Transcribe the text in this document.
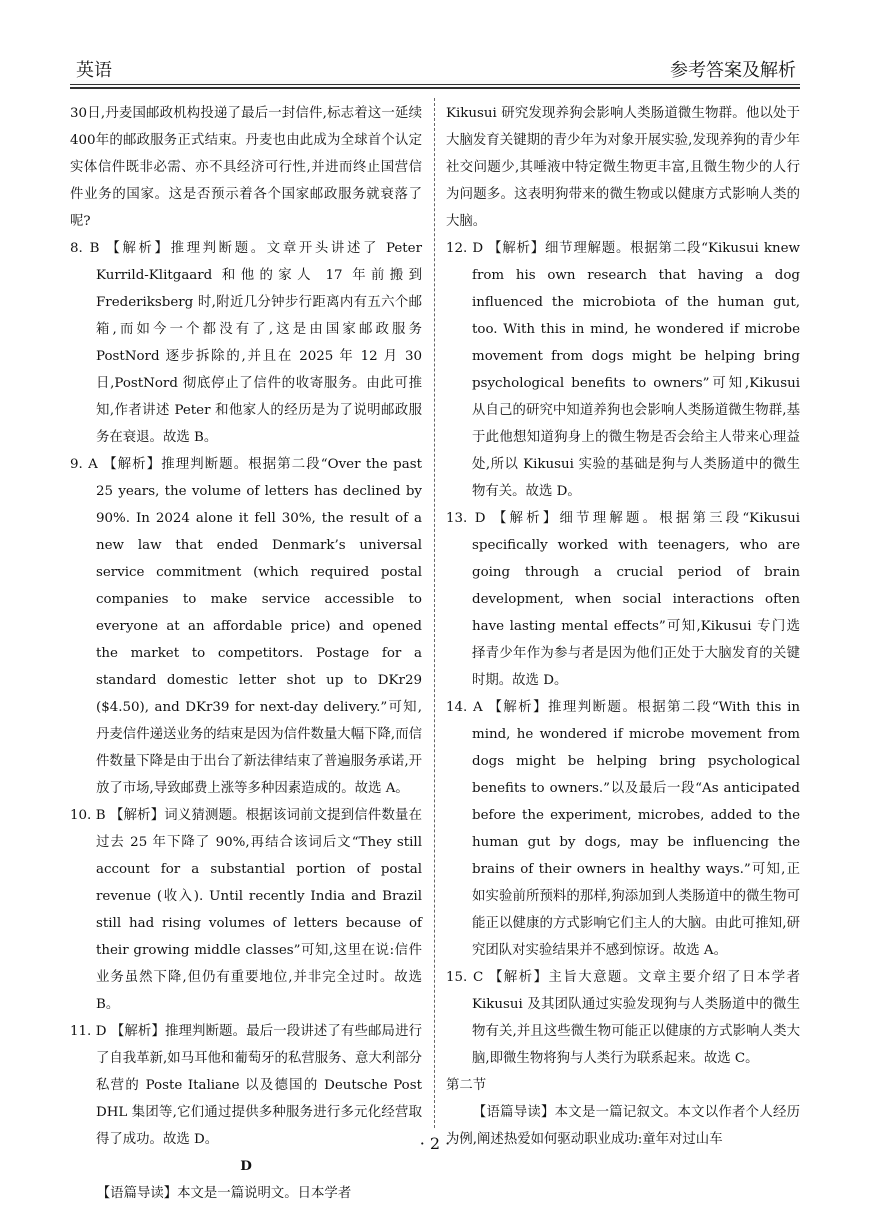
英语	参考答案及解析

30日,丹麦国邮政机构投递了最后一封信件,标志着这一延续400年的邮政服务正式结束。丹麦也由此成为全球首个认定实体信件既非必需、亦不具经济可行性,并进而终止国营信件业务的国家。这是否预示着各个国家邮政服务就衰落了呢?

8. B 【解析】推理判断题。文章开头讲述了 Peter Kurrild-Klitgaard 和他的家人 17 年前搬到 Frederiksberg 时,附近几分钟步行距离内有五六个邮箱,而如今一个都没有了,这是由国家邮政服务 PostNord 逐步拆除的,并且在 2025 年 12 月 30 日,PostNord 彻底停止了信件的收寄服务。由此可推知,作者讲述 Peter 和他家人的经历是为了说明邮政服务在衰退。故选 B。

9. A 【解析】推理判断题。根据第二段“Over the past 25 years, the volume of letters has declined by 90%. In 2024 alone it fell 30%, the result of a new law that ended Denmark’s universal service commitment (which required postal companies to make service accessible to everyone at an affordable price) and opened the market to competitors. Postage for a standard domestic letter shot up to DKr29 ($4.50), and DKr39 for next-day delivery.”可知,丹麦信件递送业务的结束是因为信件数量大幅下降,而信件数量下降是由于出台了新法律结束了普遍服务承诺,开放了市场,导致邮费上涨等多种因素造成的。故选 A。

10. B 【解析】词义猜测题。根据该词前文提到信件数量在过去 25 年下降了 90%,再结合该词后文“They still account for a substantial portion of postal revenue (收入). Until recently India and Brazil still had rising volumes of letters because of their growing middle classes”可知,这里在说:信件业务虽然下降,但仍有重要地位,并非完全过时。故选 B。

11. D 【解析】推理判断题。最后一段讲述了有些邮局进行了自我革新,如马耳他和葡萄牙的私营服务、意大利部分私营的 Poste Italiane 以及德国的 Deutsche Post DHL 集团等,它们通过提供多种服务进行多元化经营取得了成功。故选 D。

D

【语篇导读】本文是一篇说明文。日本学者

Kikusui 研究发现养狗会影响人类肠道微生物群。他以处于大脑发育关键期的青少年为对象开展实验,发现养狗的青少年社交问题少,其唾液中特定微生物更丰富,且微生物少的人行为问题多。这表明狗带来的微生物或以健康方式影响人类的大脑。

12. D 【解析】细节理解题。根据第二段“Kikusui knew from his own research that having a dog influenced the microbiota of the human gut, too. With this in mind, he wondered if microbe movement from dogs might be helping bring psychological benefits to owners”可知,Kikusui 从自己的研究中知道养狗也会影响人类肠道微生物群,基于此他想知道狗身上的微生物是否会给主人带来心理益处,所以 Kikusui 实验的基础是狗与人类肠道中的微生物有关。故选 D。

13. D 【解析】细节理解题。根据第三段“Kikusui specifically worked with teenagers, who are going through a crucial period of brain development, when social interactions often have lasting mental effects”可知,Kikusui 专门选择青少年作为参与者是因为他们正处于大脑发育的关键时期。故选 D。

14. A 【解析】推理判断题。根据第二段“With this in mind, he wondered if microbe movement from dogs might be helping bring psychological benefits to owners.”以及最后一段“As anticipated before the experiment, microbes, added to the human gut by dogs, may be influencing the brains of their owners in healthy ways.”可知,正如实验前所预料的那样,狗添加到人类肠道中的微生物可能正以健康的方式影响它们主人的大脑。由此可推知,研究团队对实验结果并不感到惊讶。故选 A。

15. C 【解析】主旨大意题。文章主要介绍了日本学者 Kikusui 及其团队通过实验发现狗与人类肠道中的微生物有关,并且这些微生物可能正以健康的方式影响人类大脑,即微生物将狗与人类行为联系起来。故选 C。

第二节

【语篇导读】本文是一篇记叙文。本文以作者个人经历为例,阐述热爱如何驱动职业成功:童年对过山车

· 2 ·
